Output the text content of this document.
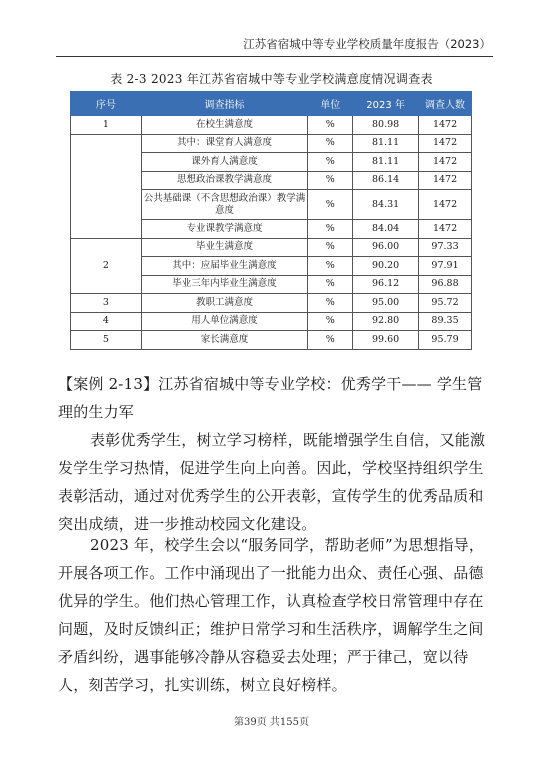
江苏省宿城中等专业学校质量年度报告（2023）
表 2-3 2023 年江苏省宿城中等专业学校满意度情况调查表
序号	调查指标	单位	2023 年	调查人数
1	在校生满意度	%	80.98	1472
	其中：课堂育人满意度	%	81.11	1472
	课外育人满意度	%	81.11	1472
	思想政治课教学满意度	%	86.14	1472
	公共基础课（不含思想政治课）教学满意度	%	84.31	1472
	专业课教学满意度	%	84.04	1472
2	毕业生满意度	%	96.00	97.33
	其中：应届毕业生满意度	%	90.20	97.91
	毕业三年内毕业生满意度	%	96.12	96.88
3	教职工满意度	%	95.00	95.72
4	用人单位满意度	%	92.80	89.35
5	家长满意度	%	99.60	95.79

【案例 2-13】江苏省宿城中等专业学校：优秀学干—— 学生管理的生力军

表彰优秀学生，树立学习榜样，既能增强学生自信，又能激发学生学习热情，促进学生向上向善。因此，学校坚持组织学生表彰活动，通过对优秀学生的公开表彰，宣传学生的优秀品质和突出成绩，进一步推动校园文化建设。

2023 年，校学生会以“服务同学，帮助老师”为思想指导，开展各项工作。工作中涌现出了一批能力出众、责任心强、品德优异的学生。他们热心管理工作，认真检查学校日常管理中存在问题，及时反馈纠正；维护日常学习和生活秩序，调解学生之间矛盾纠纷，遇事能够冷静从容稳妥去处理；严于律己，宽以待人，刻苦学习，扎实训练，树立良好榜样。

第39页 共155页
